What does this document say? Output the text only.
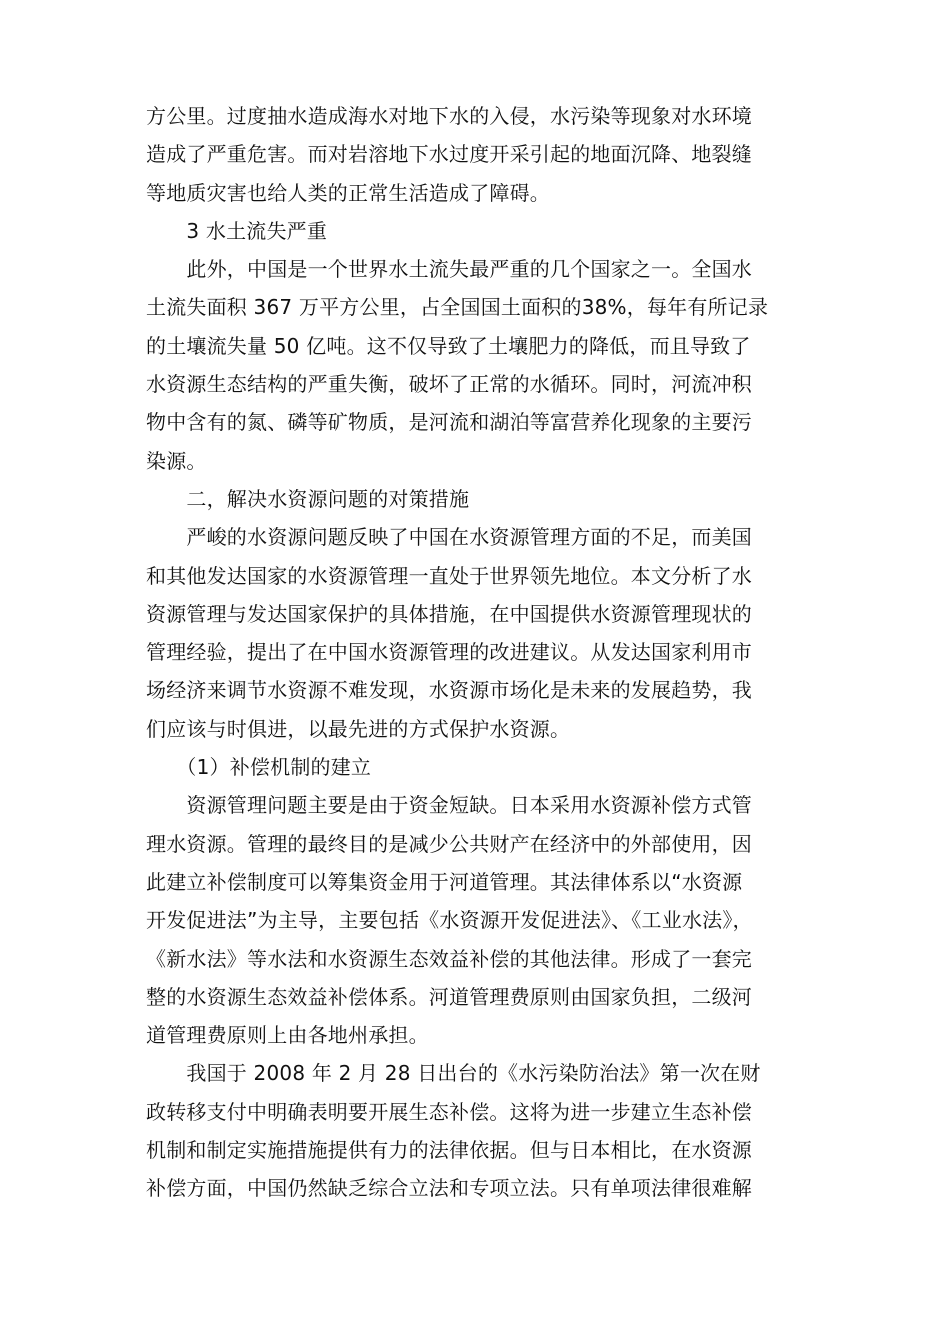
方公里。过度抽水造成海水对地下水的入侵，水污染等现象对水环境
造成了严重危害。而对岩溶地下水过度开采引起的地面沉降、地裂缝
等地质灾害也给人类的正常生活造成了障碍。
　　3 水土流失严重
　　此外，中国是一个世界水土流失最严重的几个国家之一。全国水
土流失面积 367 万平方公里，占全国国土面积的38%，每年有所记录
的土壤流失量 50 亿吨。这不仅导致了土壤肥力的降低，而且导致了
水资源生态结构的严重失衡，破坏了正常的水循环。同时，河流冲积
物中含有的氮、磷等矿物质，是河流和湖泊等富营养化现象的主要污
染源。
　　二，解决水资源问题的对策措施
　　严峻的水资源问题反映了中国在水资源管理方面的不足，而美国
和其他发达国家的水资源管理一直处于世界领先地位。本文分析了水
资源管理与发达国家保护的具体措施，在中国提供水资源管理现状的
管理经验，提出了在中国水资源管理的改进建议。从发达国家利用市
场经济来调节水资源不难发现，水资源市场化是未来的发展趋势，我
们应该与时俱进，以最先进的方式保护水资源。
　　（1）补偿机制的建立
　　资源管理问题主要是由于资金短缺。日本采用水资源补偿方式管
理水资源。管理的最终目的是减少公共财产在经济中的外部使用，因
此建立补偿制度可以筹集资金用于河道管理。其法律体系以“水资源
开发促进法”为主导，主要包括《水资源开发促进法》、《工业水法》，
《新水法》等水法和水资源生态效益补偿的其他法律。形成了一套完
整的水资源生态效益补偿体系。河道管理费原则由国家负担，二级河
道管理费原则上由各地州承担。
　　我国于 2008 年 2 月 28 日出台的《水污染防治法》第一次在财
政转移支付中明确表明要开展生态补偿。这将为进一步建立生态补偿
机制和制定实施措施提供有力的法律依据。但与日本相比，在水资源
补偿方面，中国仍然缺乏综合立法和专项立法。只有单项法律很难解
